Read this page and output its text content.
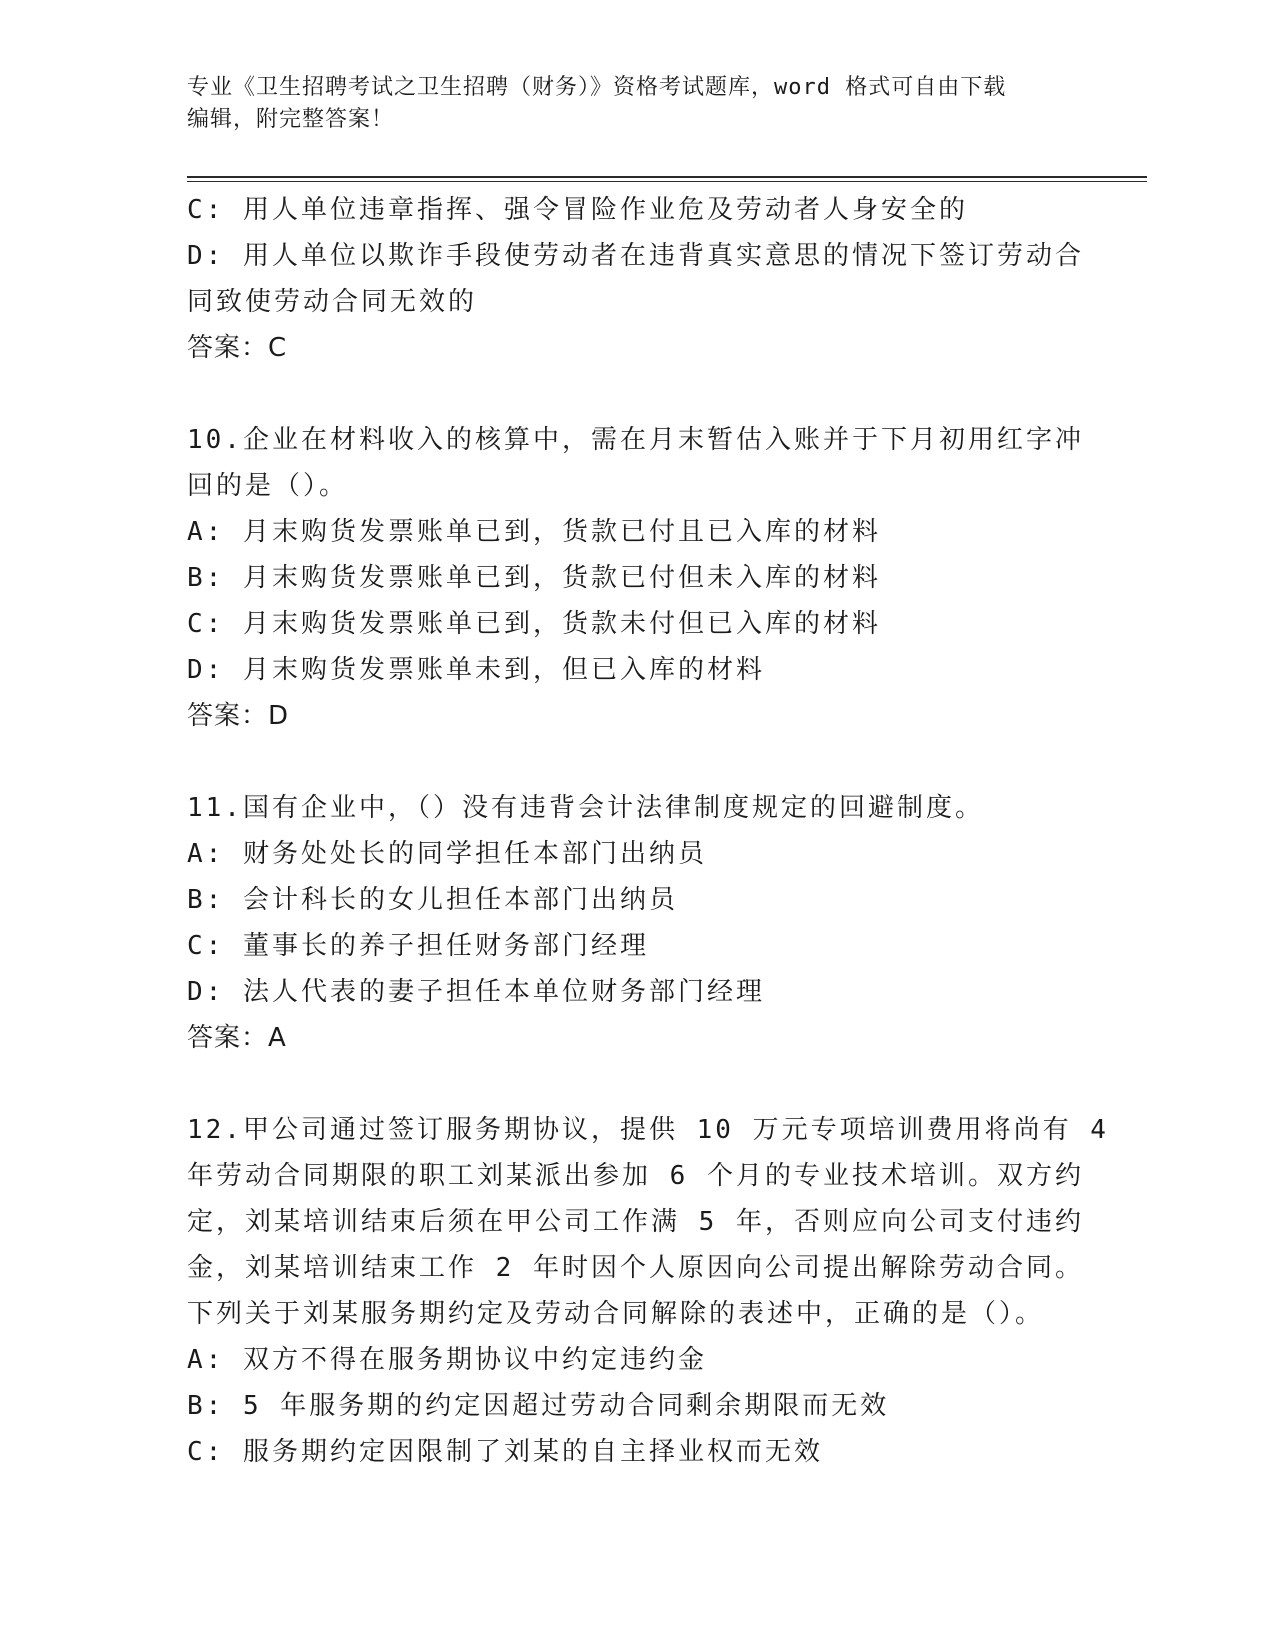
专业《卫生招聘考试之卫生招聘（财务）》资格考试题库，word 格式可自由下载
编辑，附完整答案！
C: 用人单位违章指挥、强令冒险作业危及劳动者人身安全的
D: 用人单位以欺诈手段使劳动者在违背真实意思的情况下签订劳动合
同致使劳动合同无效的
答案：C
10.企业在材料收入的核算中，需在月末暂估入账并于下月初用红字冲
回的是（）。
A: 月末购货发票账单已到，货款已付且已入库的材料
B: 月末购货发票账单已到，货款已付但未入库的材料
C: 月末购货发票账单已到，货款未付但已入库的材料
D: 月末购货发票账单未到，但已入库的材料
答案：D
11.国有企业中，（）没有违背会计法律制度规定的回避制度。
A: 财务处处长的同学担任本部门出纳员
B: 会计科长的女儿担任本部门出纳员
C: 董事长的养子担任财务部门经理
D: 法人代表的妻子担任本单位财务部门经理
答案：A
12.甲公司通过签订服务期协议，提供 10 万元专项培训费用将尚有 4
年劳动合同期限的职工刘某派出参加 6 个月的专业技术培训。双方约
定，刘某培训结束后须在甲公司工作满 5 年，否则应向公司支付违约
金，刘某培训结束工作 2 年时因个人原因向公司提出解除劳动合同。
下列关于刘某服务期约定及劳动合同解除的表述中，正确的是（）。
A: 双方不得在服务期协议中约定违约金
B: 5 年服务期的约定因超过劳动合同剩余期限而无效
C: 服务期约定因限制了刘某的自主择业权而无效
